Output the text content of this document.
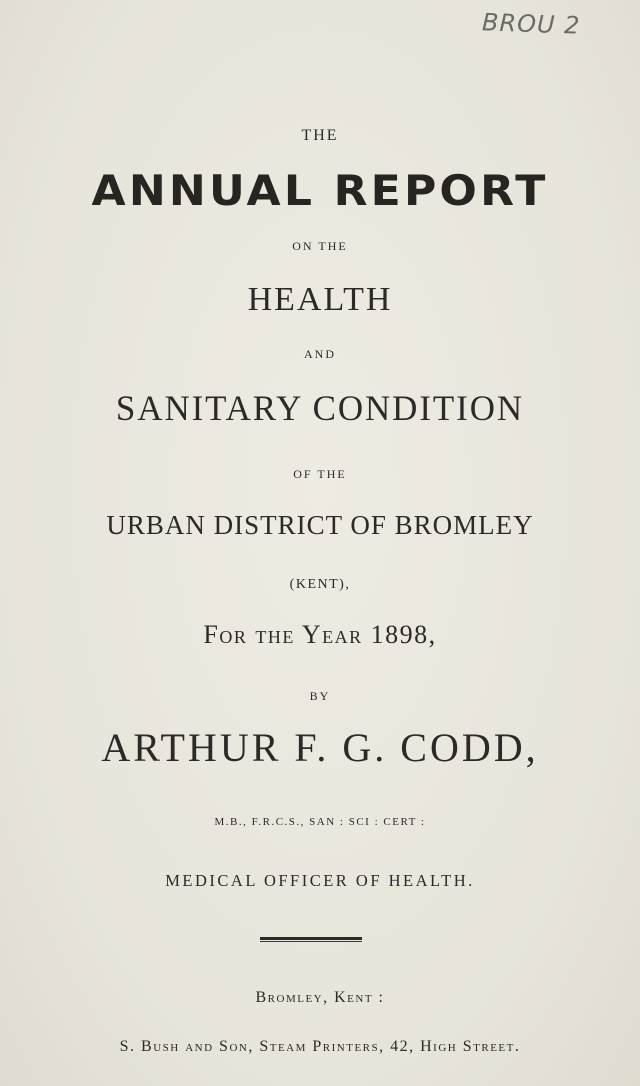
BROU 2
THE
ANNUAL REPORT
ON THE
HEALTH
AND
SANITARY CONDITION
OF THE
URBAN DISTRICT OF BROMLEY
(KENT),
For the Year 1898,
BY
ARTHUR F. G. CODD,
M.B., F.R.C.S., SAN : SCI : CERT :
MEDICAL OFFICER OF HEALTH.
Bromley, Kent :
S. Bush and Son, Steam Printers, 42, High Street.
